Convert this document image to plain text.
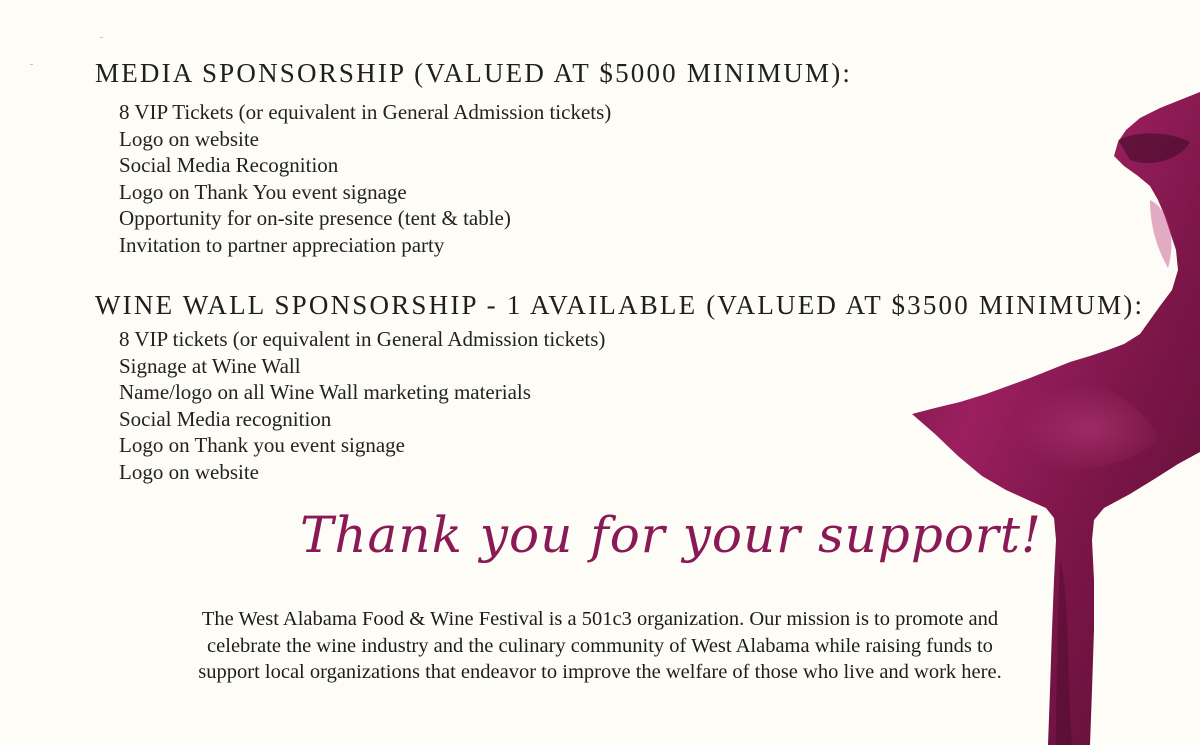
MEDIA SPONSORSHIP (VALUED AT $5000 MINIMUM):
8 VIP Tickets (or equivalent in General Admission tickets)
Logo on website
Social Media Recognition
Logo on Thank You event signage
Opportunity for on-site presence (tent & table)
Invitation to partner appreciation party
WINE WALL SPONSORSHIP - 1 AVAILABLE (VALUED AT $3500 MINIMUM):
8 VIP tickets (or equivalent in General Admission tickets)
Signage at Wine Wall
Name/logo on all Wine Wall marketing materials
Social Media recognition
Logo on Thank you event signage
Logo on website
Thank you for your support!

The West Alabama Food & Wine Festival is a 501c3 organization. Our mission is to promote and celebrate the wine industry and the culinary community of West Alabama while raising funds to support local organizations that endeavor to improve the welfare of those who live and work here.
